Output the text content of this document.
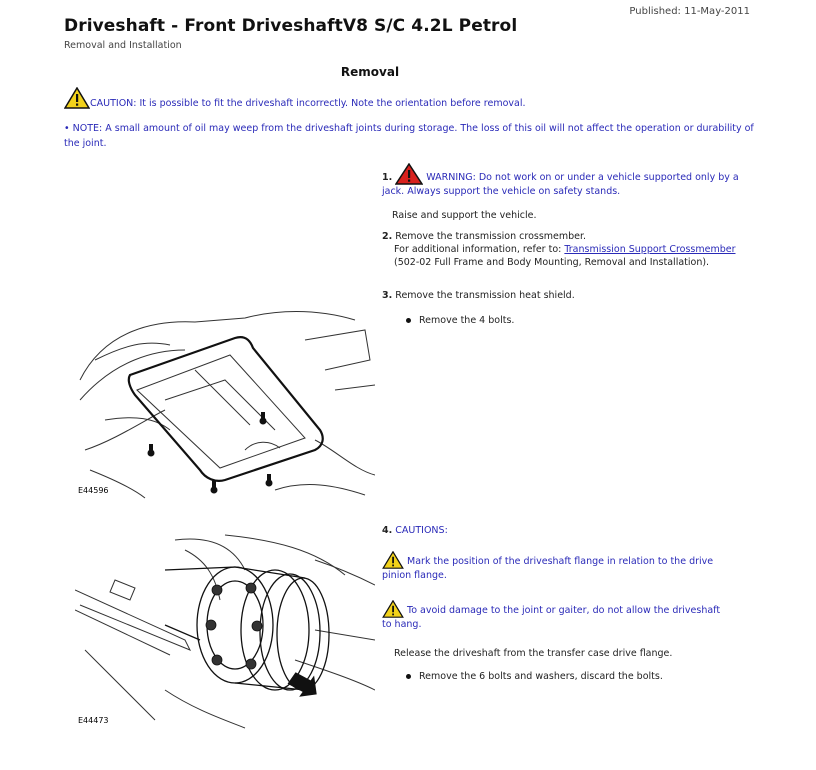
Published: 11-May-2011
Driveshaft - Front DriveshaftV8 S/C 4.2L Petrol
Removal and Installation
Removal
CAUTION: It is possible to fit the driveshaft incorrectly. Note the orientation before removal.
• NOTE: A small amount of oil may weep from the driveshaft joints during storage. The loss of this oil will not affect the operation or durability of the joint.
1.	WARNING: Do not work on or under a vehicle supported only by a jack. Always support the vehicle on safety stands.
Raise and support the vehicle.
2. Remove the transmission crossmember.
For additional information, refer to: Transmission Support Crossmember (502-02 Full Frame and Body Mounting, Removal and Installation).
3. Remove the transmission heat shield.
Remove the 4 bolts.
E44596
4. CAUTIONS:
Mark the position of the driveshaft flange in relation to the drive pinion flange.
To avoid damage to the joint or gaiter, do not allow the driveshaft to hang.
Release the driveshaft from the transfer case drive flange.
Remove the 6 bolts and washers, discard the bolts.
E44473
